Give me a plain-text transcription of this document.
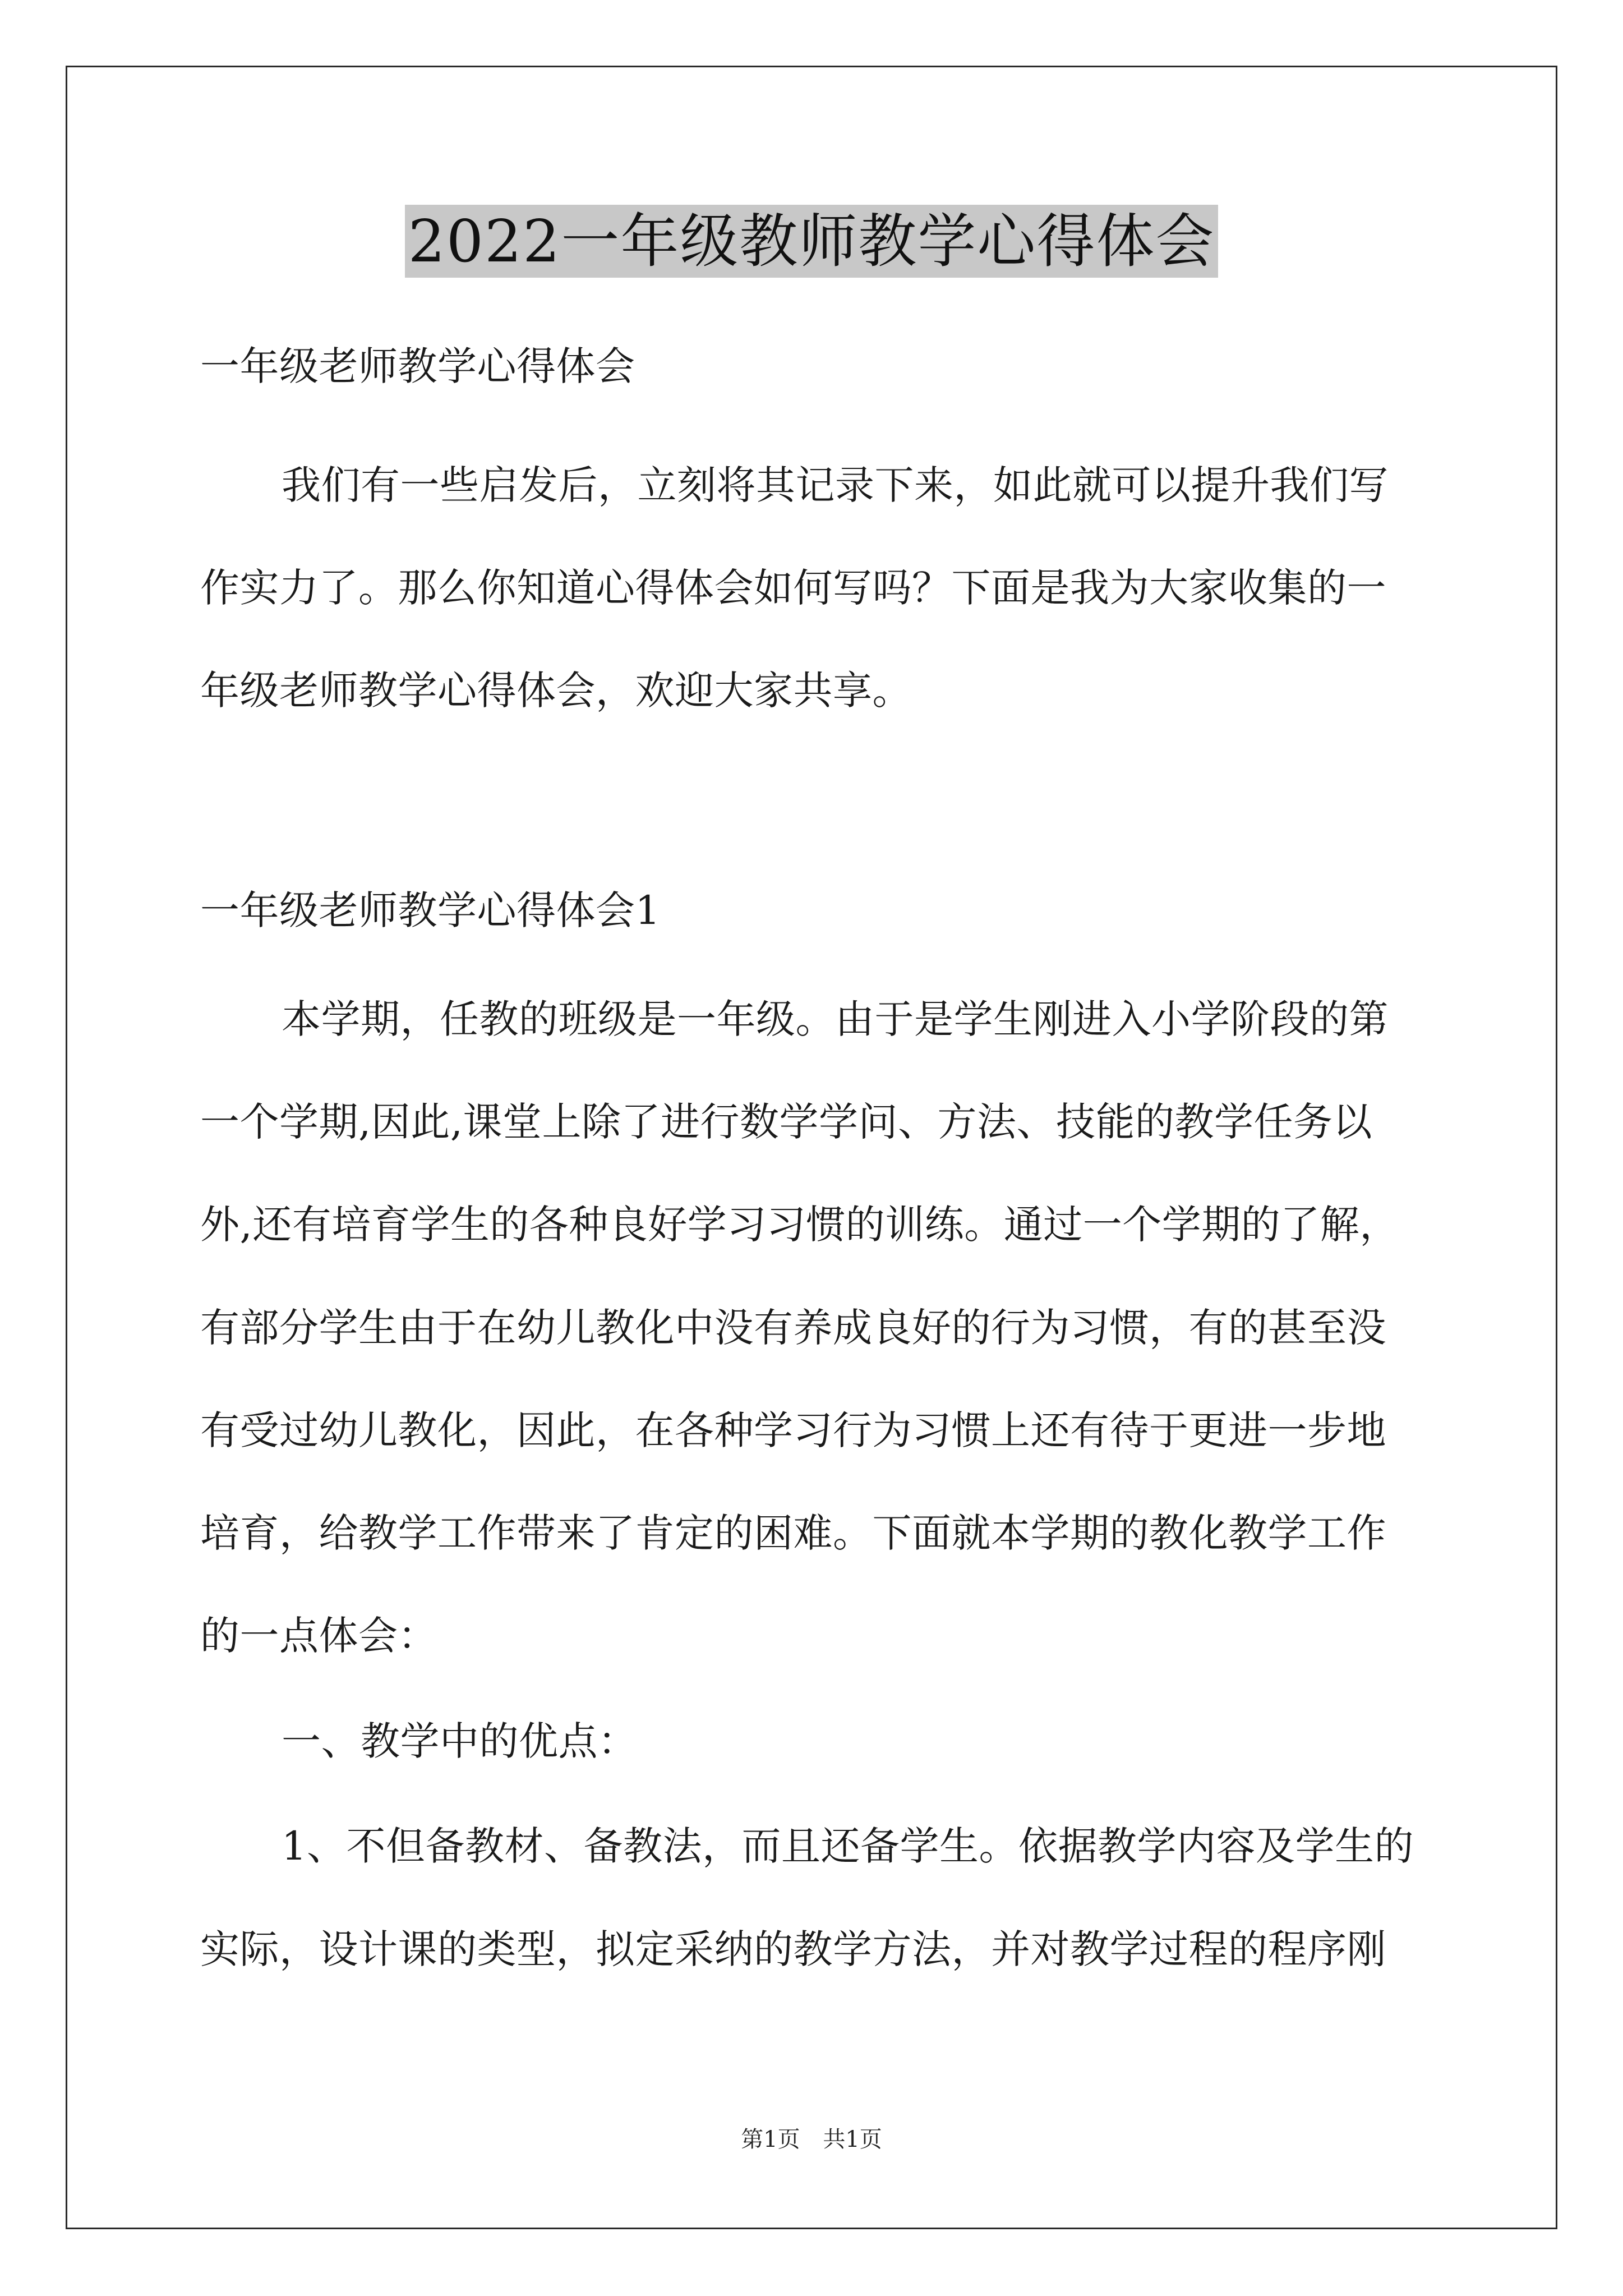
2022一年级教师教学心得体会
一年级老师教学心得体会
我们有一些启发后，立刻将其记录下来，如此就可以提升我们写
作实力了。那么你知道心得体会如何写吗？下面是我为大家收集的一
年级老师教学心得体会，欢迎大家共享。
一年级老师教学心得体会1
本学期，任教的班级是一年级。由于是学生刚进入小学阶段的第
一个学期,因此,课堂上除了进行数学学问、方法、技能的教学任务以
外,还有培育学生的各种良好学习习惯的训练。通过一个学期的了解，
有部分学生由于在幼儿教化中没有养成良好的行为习惯，有的甚至没
有受过幼儿教化，因此，在各种学习行为习惯上还有待于更进一步地
培育，给教学工作带来了肯定的困难。下面就本学期的教化教学工作
的一点体会：
一、教学中的优点：
1、不但备教材、备教法，而且还备学生。依据教学内容及学生的
实际，设计课的类型，拟定采纳的教学方法，并对教学过程的程序刚
第1页 共1页
